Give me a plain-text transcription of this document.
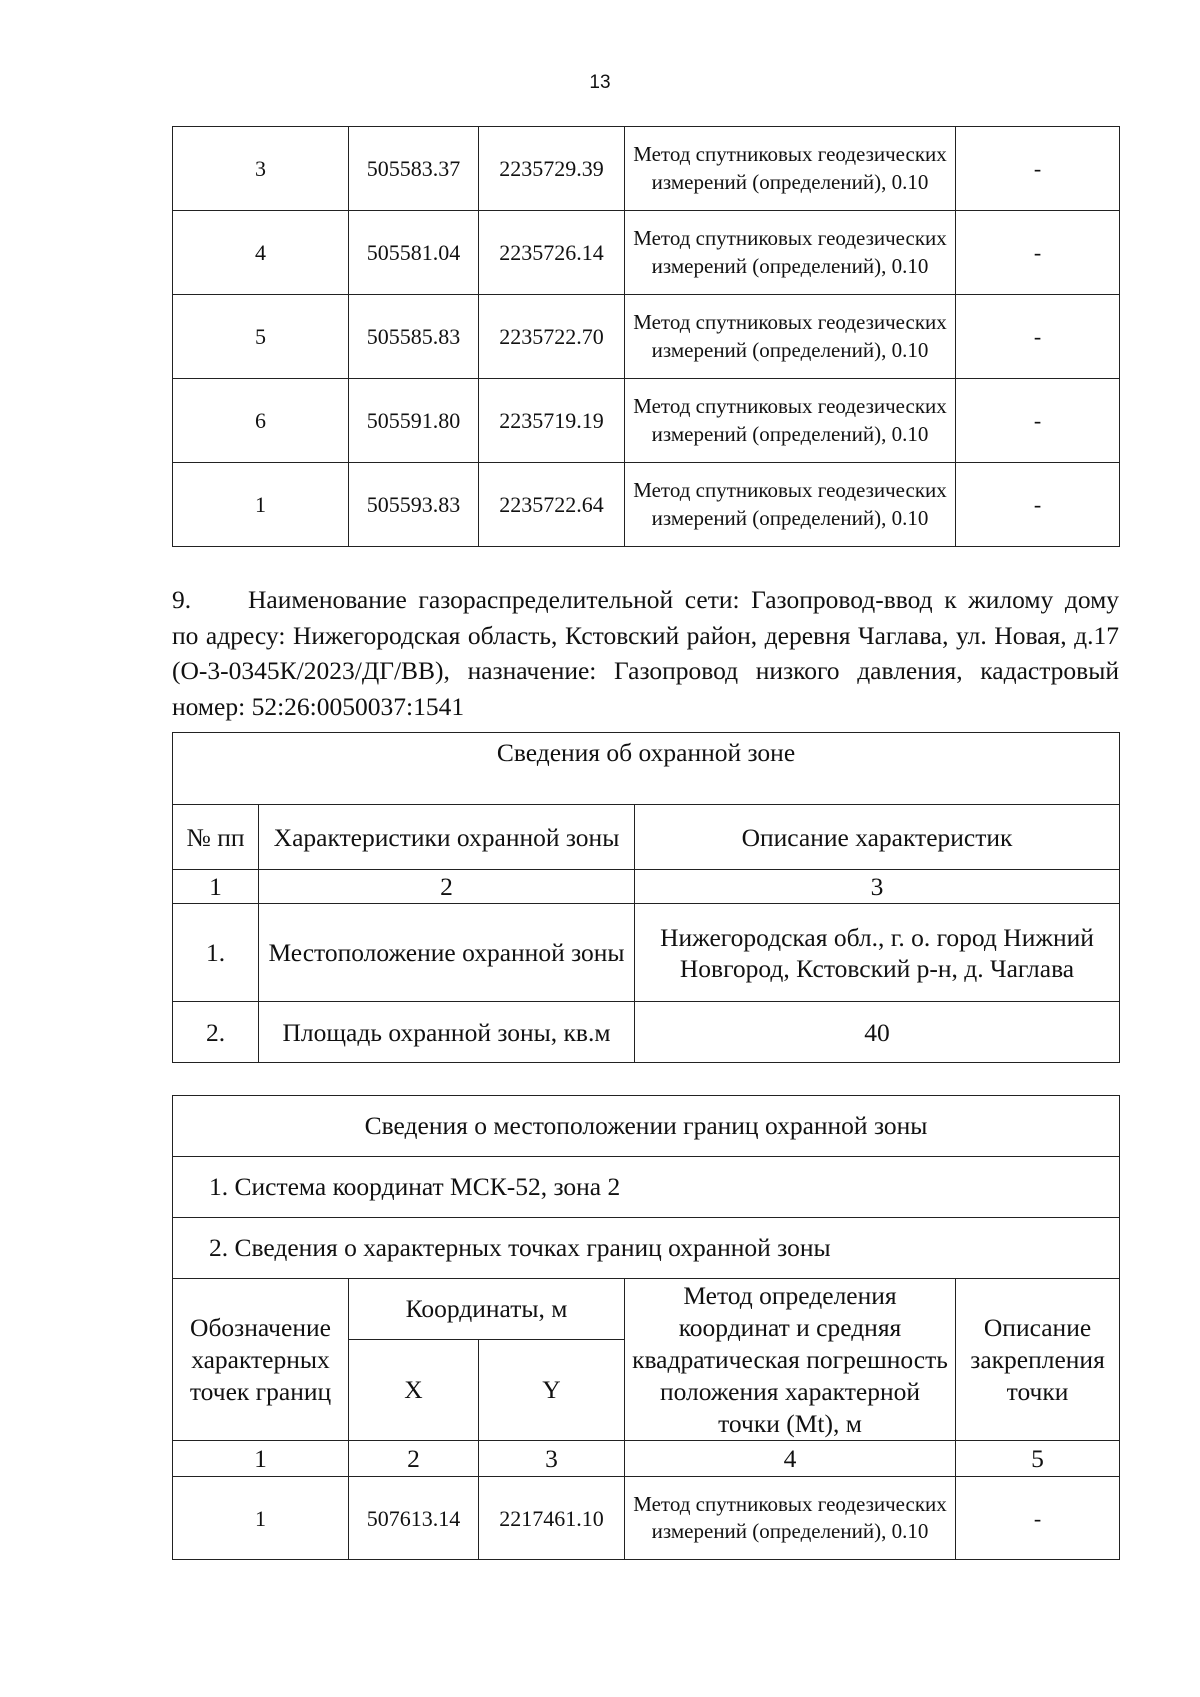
13
3	505583.37	2235729.39	Метод спутниковых геодезических измерений (определений), 0.10	-
4	505581.04	2235726.14	Метод спутниковых геодезических измерений (определений), 0.10	-
5	505585.83	2235722.70	Метод спутниковых геодезических измерений (определений), 0.10	-
6	505591.80	2235719.19	Метод спутниковых геодезических измерений (определений), 0.10	-
1	505593.83	2235722.64	Метод спутниковых геодезических измерений (определений), 0.10	-
9. Наименование газораспределительной сети: Газопровод-ввод к жилому дому по адресу: Нижегородская область, Кстовский район, деревня Чаглава, ул. Новая, д.17 (О-3-0345К/2023/ДГ/ВВ), назначение: Газопровод низкого давления, кадастровый номер: 52:26:0050037:1541
Сведения об охранной зоне		
№ пп	Характеристики охранной зоны	Описание характеристик
1	2	3
1.	Местоположение охранной зоны	Нижегородская обл., г. о. город Нижний Новгород, Кстовский р-н, д. Чаглава
2.	Площадь охранной зоны, кв.м	40
Сведения о местоположении границ охранной зоны				
1. Система координат МСК-52, зона 2				
2. Сведения о характерных точках границ охранной зоны				
Обозначение характерных точек границ	Координаты, м		Метод определения координат и средняя квадратическая погрешность положения характерной точки (Mt), м	Описание закрепления точки
	X	Y		
1	2	3	4	5
1	507613.14	2217461.10	Метод спутниковых геодезических измерений (определений), 0.10	-
